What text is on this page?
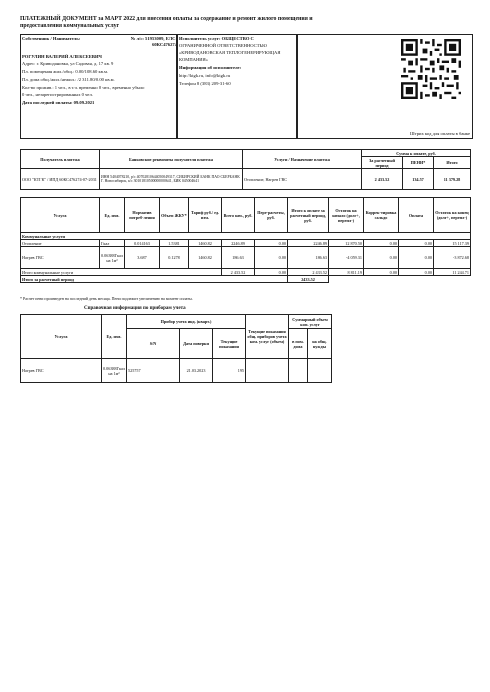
ПЛАТЕЖНЫЙ ДОКУМЕНТ за МАРТ 2022 для внесения оплаты за содержание и ремонт жилого помещения и
предоставления коммунальных услуг
Собственник / Наниматель:	№ л/с: 51953009, ЕЛС: 60КС476274
РОГУЛИН ВАЛЕРИЙ АЛЕКСЕЕВИЧ
Адрес: г. Криводановка, ул Садовая, д. 17 кв. 9
Пл. помещения жил./общ.: 0.00/108.60 кв.м.
Пл. дома общ./жил./нежил.: /2 311.80/0.00 кв.м.
Кол-во прожив.: 1 чел., в т.ч. временно 0 чел., временно убыло
0 чел., незарегистрированных 0 чел.
Дата последней оплаты: 09.09.2021
Исполнитель услуг: ОБЩЕСТВО С
ОГРАНИЧЕННОЙ ОТВЕТСТВЕННОСТЬЮ
«КРИВОДАНОВСКАЯ ТЕПЛОГЕНЕРИРУЮЩАЯ
КОМПАНИЯ»
Информация об исполнителе:
http://ktgk.ru, info@ktgk.ru
Телефон 8 (383) 209-31-60
Штрих код для оплаты в банке
Получатель платежа	Банковские реквизиты получателя платежа	Услуги / Назначение платежа	Сумма к оплате, руб.		
			За расчетный период	ПЕНИ*	Итого
ООО "КТГК" / ИПД 60КС476274-07-2031	ИНН 5404078210, р/с 40702810644050049317, СИБИРСКИЙ БАНК ПАО СБЕРБАНК Г. Новосибирск, к/с 30101810500000000641, БИК 045004641	Отопление, Нагрев ГВС	2 433.52	134.57	11 379.28
Услуга	Ед. изм.	Норматив потреб-ления	Объем ЖКУ*	Тариф руб./ ед. изм.	Всего нач., руб.	Пере-расчеты, руб.	Итого к оплате за расчетный период, руб.	Остаток на начало (долг+, перепл-)	Коррек-тировка сальдо	Оплата	Остаток на конец (долг+, перепл-)
Коммунальные услуги											
Отопление	Гкал	0.014163	1.5381	1460.82	2246.89	0.00	2246.89	12 870.50	0.00	0.00	15 117.39
Нагрев ГВС	0.06388Гкал на 1м³	3.687	0.1278	1460.82	186.63	0.00	186.63	-4 059.31	0.00	0.00	-3 872.68
Итого коммунальные услуги					2 433.52	0.00	2 433.52	8 811.19	0.00	0.00	11 244.71
Итого за расчетный период							2433.52				
* Расчет пени произведен на последний день месяца. Пени подлежит увеличению на момент оплаты.
Справочная информация по приборам учета
Услуга	Ед. изм.	Прибор учета инд. (кварт.)			Текущие показания общ. приборов учета ком. услуг (объем)	Суммарный объем ком. услуг	
		S/N	Дата поверки	Текущие показания		в пом. дома	на общ. нужды

Нагрев ГВС	0.06388Гкал на 1м³	525757	21.03.2023	195			
